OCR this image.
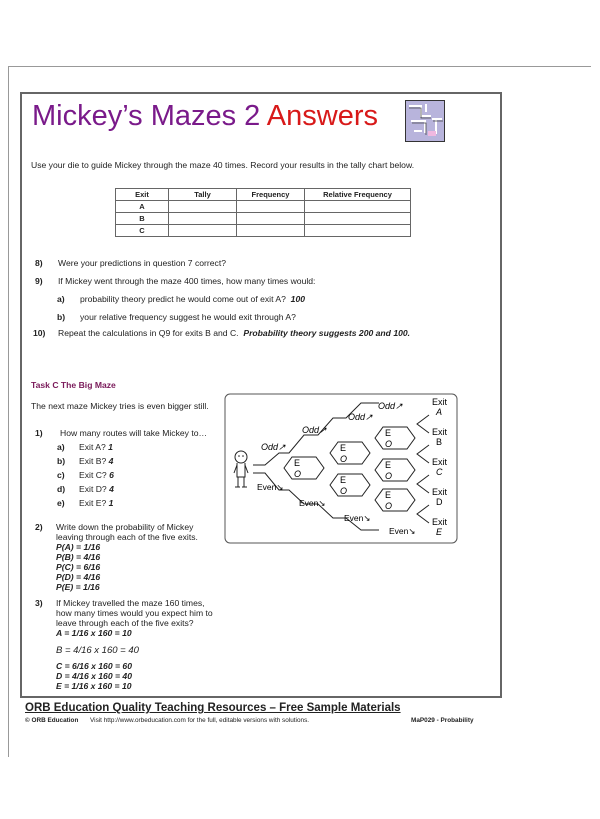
Mickey’s Mazes 2 Answers
Use your die to guide Mickey through the maze 40 times. Record your results in the tally chart below.
Exit	Tally	Frequency	Relative Frequency
A			
B			
C			
8) Were your predictions in question 7 correct?
9) If Mickey went through the maze 400 times, how many times would:
a) probability theory predict he would come out of exit A? 100
b) your relative frequency suggest he would exit through A?
10) Repeat the calculations in Q9 for exits B and C. Probability theory suggests 200 and 100.
Task C The Big Maze
The next maze Mickey tries is even bigger still.
1) How many routes will take Mickey to…
a) Exit A? 1
b) Exit B? 4
c) Exit C? 6
d) Exit D? 4
e) Exit E? 1
2) Write down the probability of Mickey
leaving through each of the five exits.
P(A) = 1/16
P(B) = 4/16
P(C) = 6/16
P(D) = 4/16
P(E) = 1/16
3) If Mickey travelled the maze 160 times,
how many times would you expect him to
leave through each of the five exits?
A = 1/16 x 160 = 10
B = 4/16 x 160 = 40
C = 6/16 x 160 = 60
D = 4/16 x 160 = 40
E = 1/16 x 160 = 10
E
O
E
O
E
O
E
O
E
O
E
O
Odd↗
Odd↗
Odd↗
Odd↗
Even↘
Even↘
Even↘
Even↘
Exit
A
Exit
B
Exit
C
Exit
D
Exit
E
ORB Education Quality Teaching Resources – Free Sample Materials
© ORB Education Visit http://www.orbeducation.com for the full, editable versions with solutions.	MaP029 - Probability
